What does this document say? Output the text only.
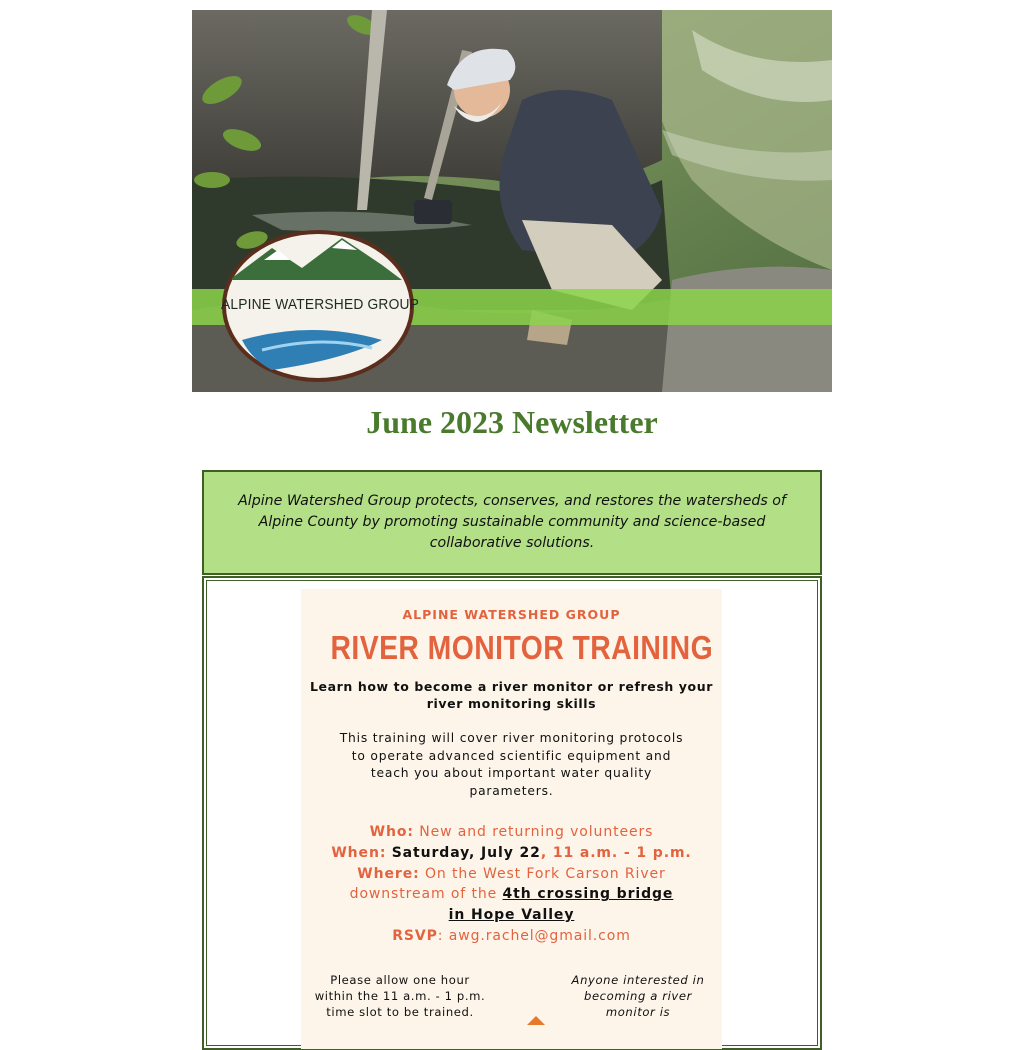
ALPINE WATERSHED GROUP
June 2023 Newsletter

Alpine Watershed Group protects, conserves, and restores the watersheds of Alpine County by promoting sustainable community and science-based collaborative solutions.

ALPINE WATERSHED GROUP
RIVER MONITOR TRAINING
Learn how to become a river monitor or refresh your
river monitoring skills
This training will cover river monitoring protocols
to operate advanced scientific equipment and
teach you about important water quality
parameters.
Who: New and returning volunteers
When: Saturday, July 22, 11 a.m. - 1 p.m.
Where: On the West Fork Carson River
downstream of the 4th crossing bridge
in Hope Valley
RSVP: awg.rachel@gmail.com
Please allow one hour
within the 11 a.m. - 1 p.m.
time slot to be trained.
Anyone interested in
becoming a river
monitor is
